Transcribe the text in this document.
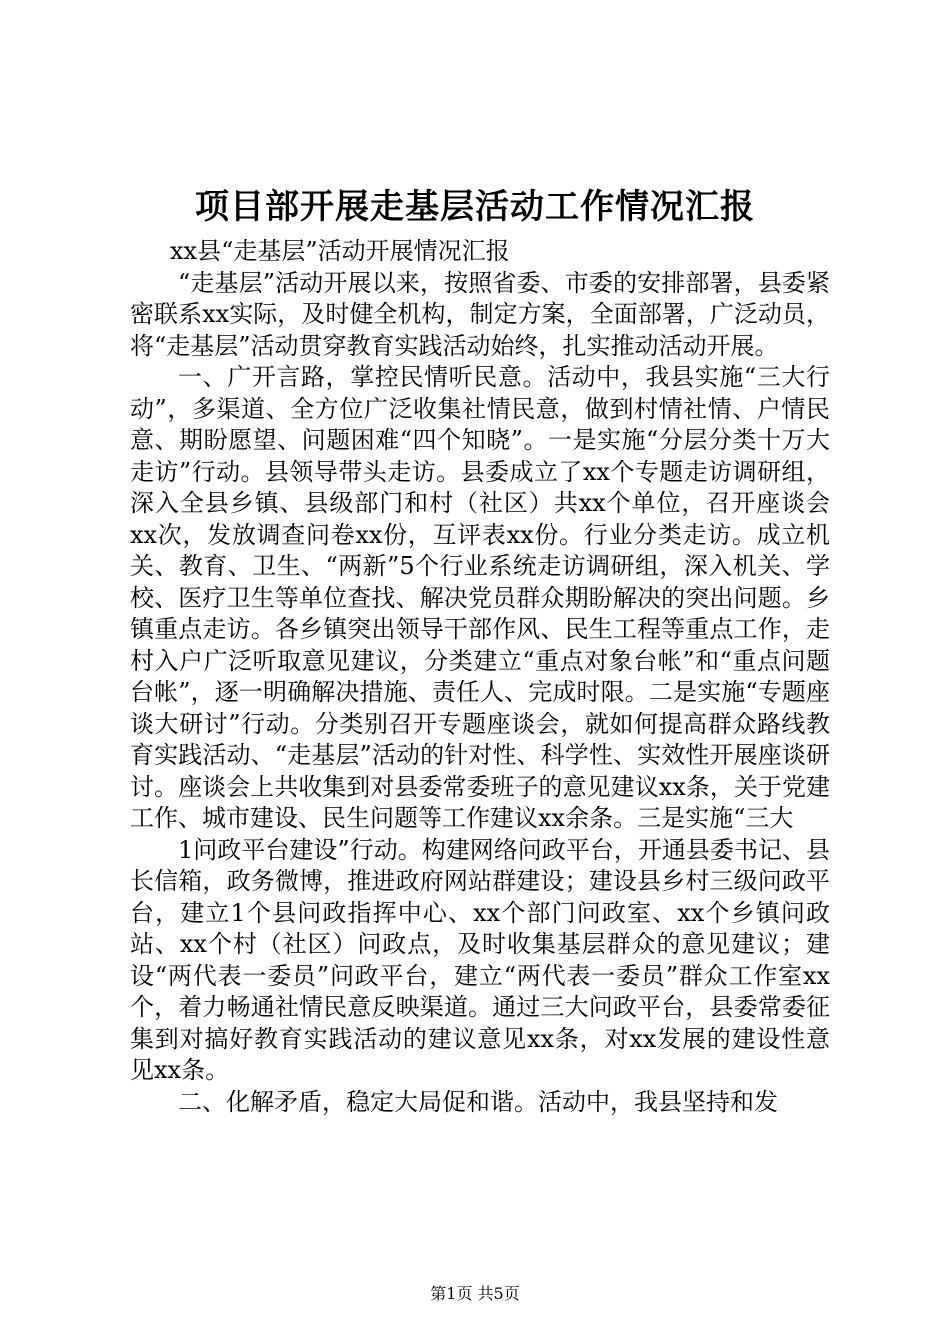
项目部开展走基层活动工作情况汇报

xx县“走基层”活动开展情况汇报

“走基层”活动开展以来，按照省委、市委的安排部署，县委紧密联系xx实际，及时健全机构，制定方案，全面部署，广泛动员，将“走基层”活动贯穿教育实践活动始终，扎实推动活动开展。

一、广开言路，掌控民情听民意。活动中，我县实施“三大行动”，多渠道、全方位广泛收集社情民意，做到村情社情、户情民意、期盼愿望、问题困难“四个知晓”。一是实施“分层分类十万大走访”行动。县领导带头走访。县委成立了xx个专题走访调研组，深入全县乡镇、县级部门和村（社区）共xx个单位，召开座谈会xx次，发放调查问卷xx份，互评表xx份。行业分类走访。成立机关、教育、卫生、“两新”5个行业系统走访调研组，深入机关、学校、医疗卫生等单位查找、解决党员群众期盼解决的突出问题。乡镇重点走访。各乡镇突出领导干部作风、民生工程等重点工作，走村入户广泛听取意见建议，分类建立“重点对象台帐”和“重点问题台帐”，逐一明确解决措施、责任人、完成时限。二是实施“专题座谈大研讨”行动。分类别召开专题座谈会，就如何提高群众路线教育实践活动、“走基层”活动的针对性、科学性、实效性开展座谈研讨。座谈会上共收集到对县委常委班子的意见建议xx条，关于党建工作、城市建设、民生问题等工作建议xx余条。三是实施“三大

1问政平台建设”行动。构建网络问政平台，开通县委书记、县长信箱，政务微博，推进政府网站群建设；建设县乡村三级问政平台，建立1个县问政指挥中心、xx个部门问政室、xx个乡镇问政站、xx个村（社区）问政点，及时收集基层群众的意见建议；建设“两代表一委员”问政平台，建立“两代表一委员”群众工作室xx个，着力畅通社情民意反映渠道。通过三大问政平台，县委常委征集到对搞好教育实践活动的建议意见xx条，对xx发展的建设性意见xx条。

二、化解矛盾，稳定大局促和谐。活动中，我县坚持和发

第1页 共5页
